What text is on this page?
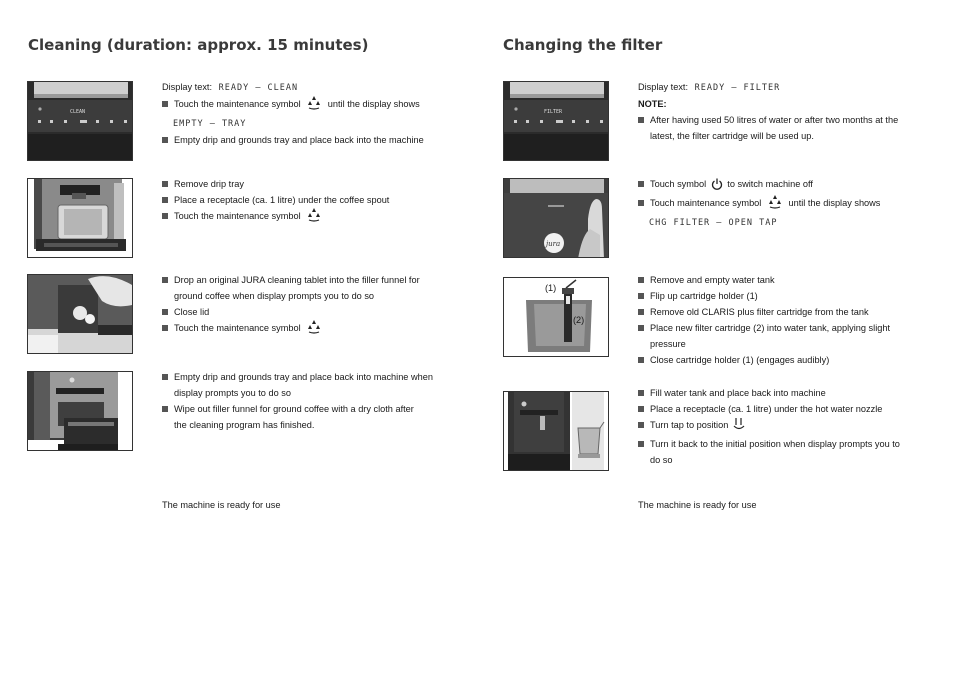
Cleaning (duration: approx. 15 minutes)	Changing the filter
CLEAN
Display text: READY – CLEAN
Touch the maintenance symbol	until the display shows
EMPTY – TRAY
Empty drip and grounds tray and place back into the machine
Remove drip tray
Place a receptacle (ca. 1 litre) under the coffee spout
Touch the maintenance symbol
Drop an original JURA cleaning tablet into the filler funnel for
ground coffee when display prompts you to do so
Close lid
Touch the maintenance symbol
Empty drip and grounds tray and place back into machine when
display prompts you to do so
Wipe out filler funnel for ground coffee with a dry cloth after
the cleaning program has finished.
The machine is ready for use
FILTER
jura
(1)
(2)
Display text: READY – FILTER
NOTE:
After having used 50 litres of water or after two months at the
latest, the filter cartridge will be used up.
Touch symbol to switch machine off
Touch maintenance symbol	until the display shows
CHG FILTER – OPEN TAP
Remove and empty water tank
Flip up cartridge holder (1)
Remove old CLARIS plus filter cartridge from the tank
Place new filter cartridge (2) into water tank, applying slight
pressure
Close cartridge holder (1) (engages audibly)
Fill water tank and place back into machine
Place a receptacle (ca. 1 litre) under the hot water nozzle
Turn tap to position
Turn it back to the initial position when display prompts you to
do so
The machine is ready for use
